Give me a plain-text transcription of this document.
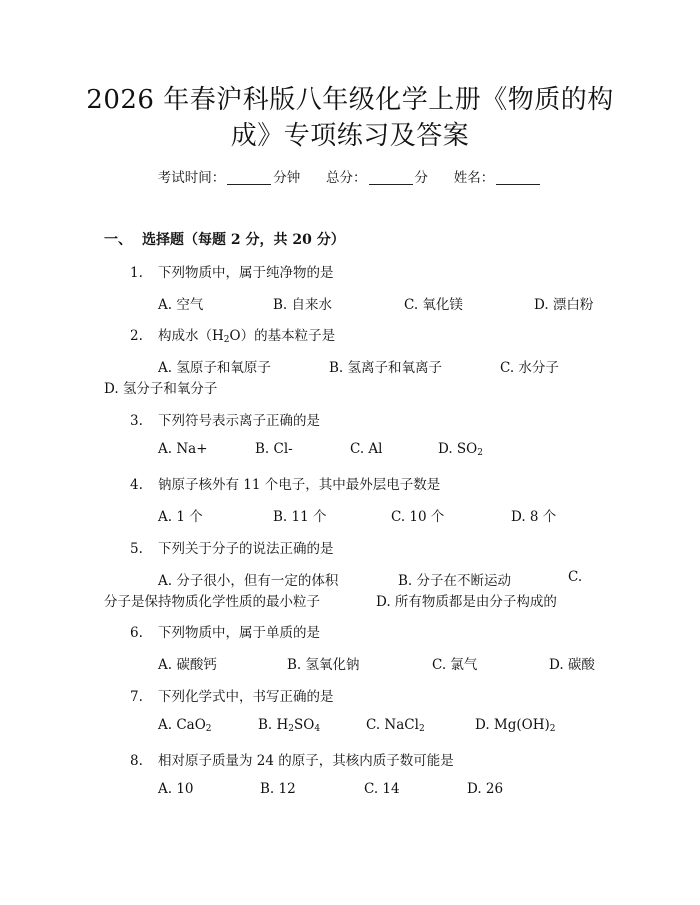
2026 年春沪科版八年级化学上册《物质的构
成》专项练习及答案
考试时间：	分钟 总分：	分 姓名：
一、 选择题（每题 2 分，共 20 分）
1. 下列物质中，属于纯净物的是
A. 空气	B. 自来水	C. 氧化镁	D. 漂白粉
2. 构成水$(H_2O)$的基本粒子是
A. 氢原子和氧原子	B. 氢离子和氧离子	C. 水分子
D. 氢分子和氧分子
3. 下列符号表示离子正确的是
A. Na+	B. Cl-	C. Al	D. $SO_2$
4. 钠原子核外有 11 个电子，其中最外层电子数是
A. 1 个	B. 11 个	C. 10 个	D. 8 个
5. 下列关于分子的说法正确的是
A. 分子很小，但有一定的体积	B. 分子在不断运动	C.
分子是保持物质化学性质的最小粒子	D. 所有物质都是由分子构成的
6. 下列物质中，属于单质的是
A. 碳酸钙	B. 氢氧化钠	C. 氯气	D. 碳酸
7. 下列化学式中，书写正确的是
A. CaO$_2$	B. $H_2SO_4$	C. NaCl$_2$	D. $Mg(OH)_2$
8. 相对原子质量为 24 的原子，其核内质子数可能是
A. 10	B. 12	C. 14	D. 26
